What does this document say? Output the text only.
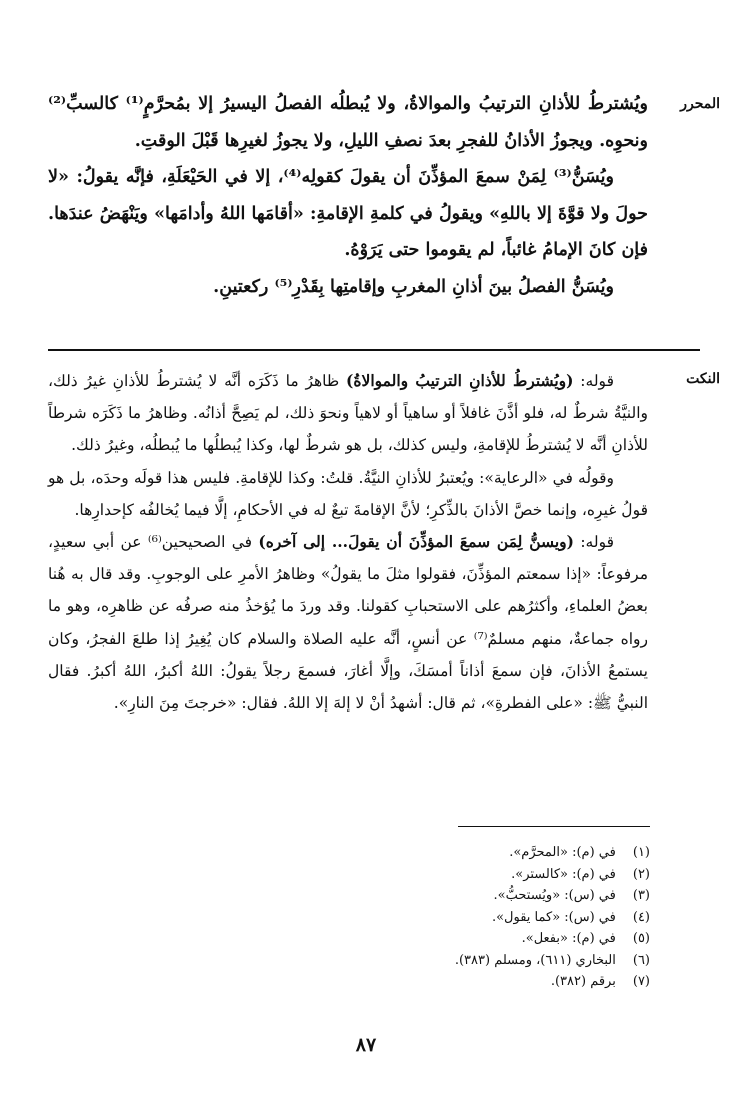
المحرر

ويُشترطُ للأذانِ الترتيبُ والموالاةُ، ولا يُبطلُه الفصلُ اليسيرُ إلا بمُحرَّمٍ⁽¹⁾ كالسبِّ⁽²⁾ ونحوِه. ويجوزُ الأذانُ للفجرِ بعدَ نصفِ الليلِ، ولا يجوزُ لغيرِها قَبْلَ الوقتِ.

ويُسَنُّ⁽³⁾ لِمَنْ سمعَ المؤذِّنَ أن يقولَ كقولِه⁽⁴⁾، إلا في الحَيْعَلَةِ، فإنَّه يقولُ: «لا حولَ ولا قوَّةَ إلا باللهِ» ويقولُ في كلمةِ الإقامةِ: «أقامَها اللهُ وأدامَها» ويَنْهَضُ عندَها. فإن كانَ الإمامُ غائباً، لم يقوموا حتى يَرَوْهُ.

ويُسَنُّ الفصلُ بينَ أذانِ المغربِ وإقامتِها بِقَدْرِ⁽⁵⁾ ركعتينِ.

النكت

قوله: (ويُشترطُ للأذانِ الترتيبُ والموالاةُ) ظاهرُ ما ذَكَرَه أنَّه لا يُشترطُ للأذانِ غيرُ ذلك، والنيَّةُ شرطٌ له، فلو أذَّنَ غافلاً أو ساهياً أو لاهياً ونحوَ ذلك، لم يَصِحَّ أذانُه. وظاهرُ ما ذَكَرَه شرطاً للأذانِ أنَّه لا يُشترطُ للإقامةِ، وليس كذلك، بل هو شرطٌ لها، وكذا يُبطلُها ما يُبطلُه، وغيرُ ذلك.

وقولُه في «الرعاية»: ويُعتبرُ للأذانِ النيَّةُ. قلتُ: وكذا للإقامةِ. فليس هذا قولَه وحدَه، بل هو قولُ غيرِه، وإنما خصَّ الأذانَ بالذِّكرِ؛ لأنَّ الإقامةَ تبعٌ له في الأحكامِ، إلَّا فيما يُخالفُه كإحدارِها.

قوله: (ويسنُّ لِمَن سمعَ المؤذِّنَ أن يقولَ... إلى آخره) في الصحيحين⁽⁶⁾ عن أبي سعيدٍ، مرفوعاً: «إذا سمعتم المؤذِّنَ، فقولوا مثلَ ما يقولُ» وظاهرُ الأمرِ على الوجوبِ. وقد قال به هُنا بعضُ العلماءِ، وأكثرُهم على الاستحبابِ كقولنا. وقد وردَ ما يُؤخذُ منه صرفُه عن ظاهرِه، وهو ما رواه جماعةٌ، منهم مسلمٌ⁽⁷⁾ عن أنسٍ، أنَّه عليه الصلاة والسلام كان يُغِيرُ إذا طلعَ الفجرُ، وكان يستمعُ الأذانَ، فإن سمعَ أذاناً أمسَكَ، وإلَّا أغارَ، فسمعَ رجلاً يقولُ: اللهُ أكبرُ، اللهُ أكبرُ. فقال النبيُّ ﷺ: «على الفطرةِ»، ثم قال: أشهدُ أنْ لا إلهَ إلا اللهُ. فقال: «خرجتَ مِنَ النارِ».

(١) في (م): «المحرَّم».
(٢) في (م): «كالستر».
(٣) في (س): «ويُستحبُّ».
(٤) في (س): «كما يقول».
(٥) في (م): «بفعل».
(٦) البخاري (٦١١)، ومسلم (٣٨٣).
(٧) برقم (٣٨٢).
٨٧
